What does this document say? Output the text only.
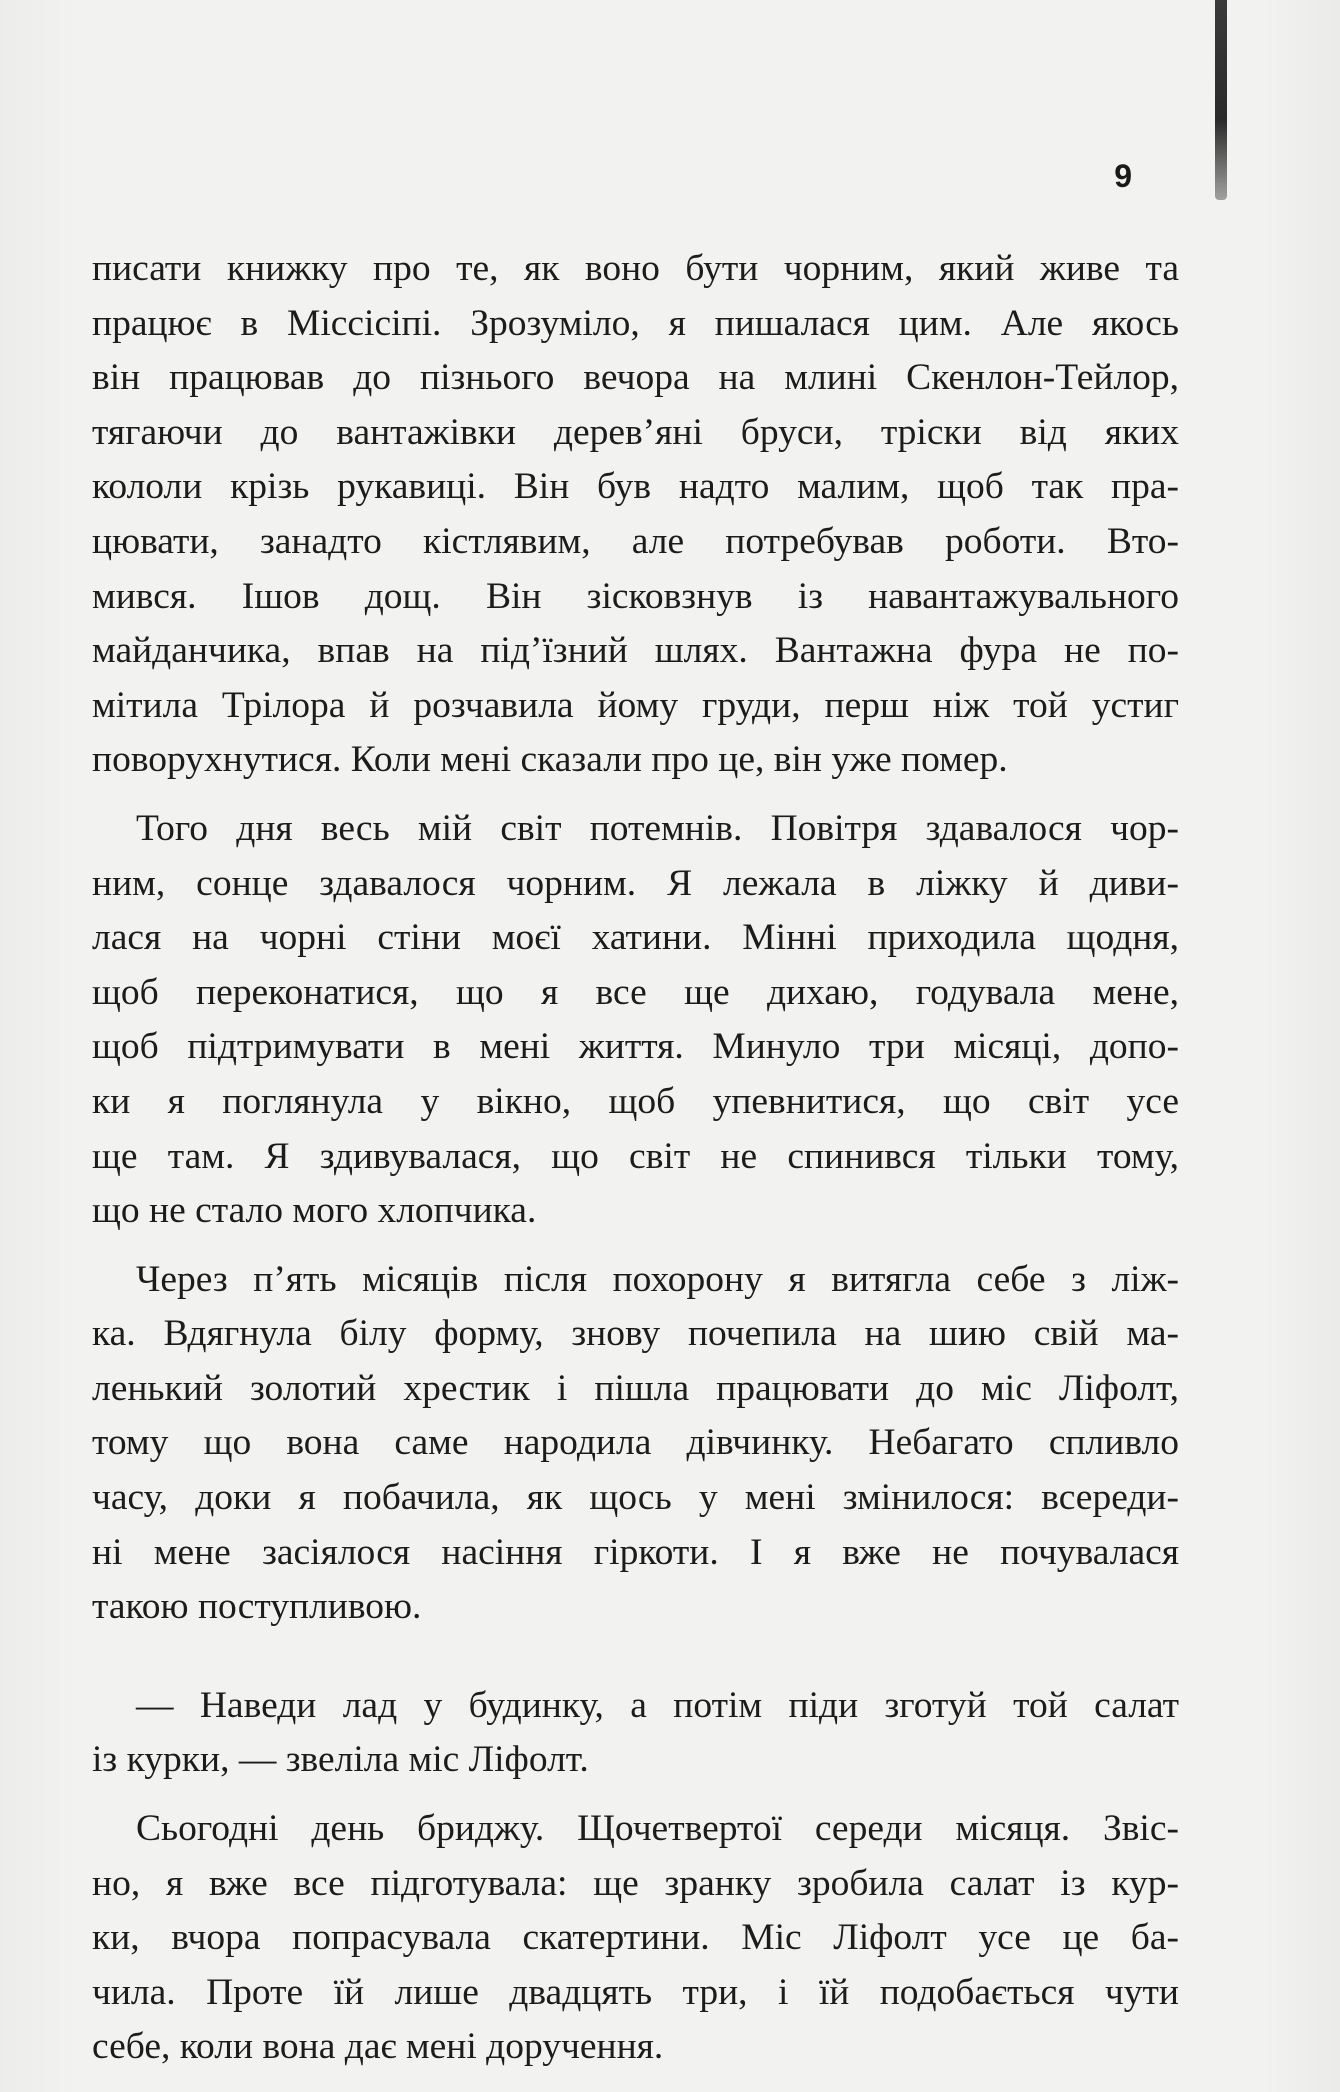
9

писати книжку про те, як воно бути чорним, який живе та
працює в Міссісіпі. Зрозуміло, я пишалася цим. Але якось
він працював до пізнього вечора на млині Скенлон-Тейлор,
тягаючи до вантажівки дерев’яні бруси, тріски від яких
кололи крізь рукавиці. Він був надто малим, щоб так пра-
цювати, занадто кістлявим, але потребував роботи. Вто-
мився. Ішов дощ. Він зісковзнув із навантажувального
майданчика, впав на під’їзний шлях. Вантажна фура не по-
мітила Трілора й розчавила йому груди, перш ніж той устиг
поворухнутися. Коли мені сказали про це, він уже помер.

Того дня весь мій світ потемнів. Повітря здавалося чор-
ним, сонце здавалося чорним. Я лежала в ліжку й диви-
лася на чорні стіни моєї хатини. Мінні приходила щодня,
щоб переконатися, що я все ще дихаю, годувала мене,
щоб підтримувати в мені життя. Минуло три місяці, допо-
ки я поглянула у вікно, щоб упевнитися, що світ усе
ще там. Я здивувалася, що світ не спинився тільки тому,
що не стало мого хлопчика.

Через п’ять місяців після похорону я витягла себе з ліж-
ка. Вдягнула білу форму, знову почепила на шию свій ма-
ленький золотий хрестик і пішла працювати до міс Ліфолт,
тому що вона саме народила дівчинку. Небагато спливло
часу, доки я побачила, як щось у мені змінилося: всереди-
ні мене засіялося насіння гіркоти. І я вже не почувалася
такою поступливою.

— Наведи лад у будинку, а потім піди зготуй той салат
із курки, — звеліла міс Ліфолт.

Сьогодні день бриджу. Щочетвертої середи місяця. Звіс-
но, я вже все підготувала: ще зранку зробила салат із кур-
ки, вчора попрасувала скатертини. Міс Ліфолт усе це ба-
чила. Проте їй лише двадцять три, і їй подобається чути
себе, коли вона дає мені доручення.
